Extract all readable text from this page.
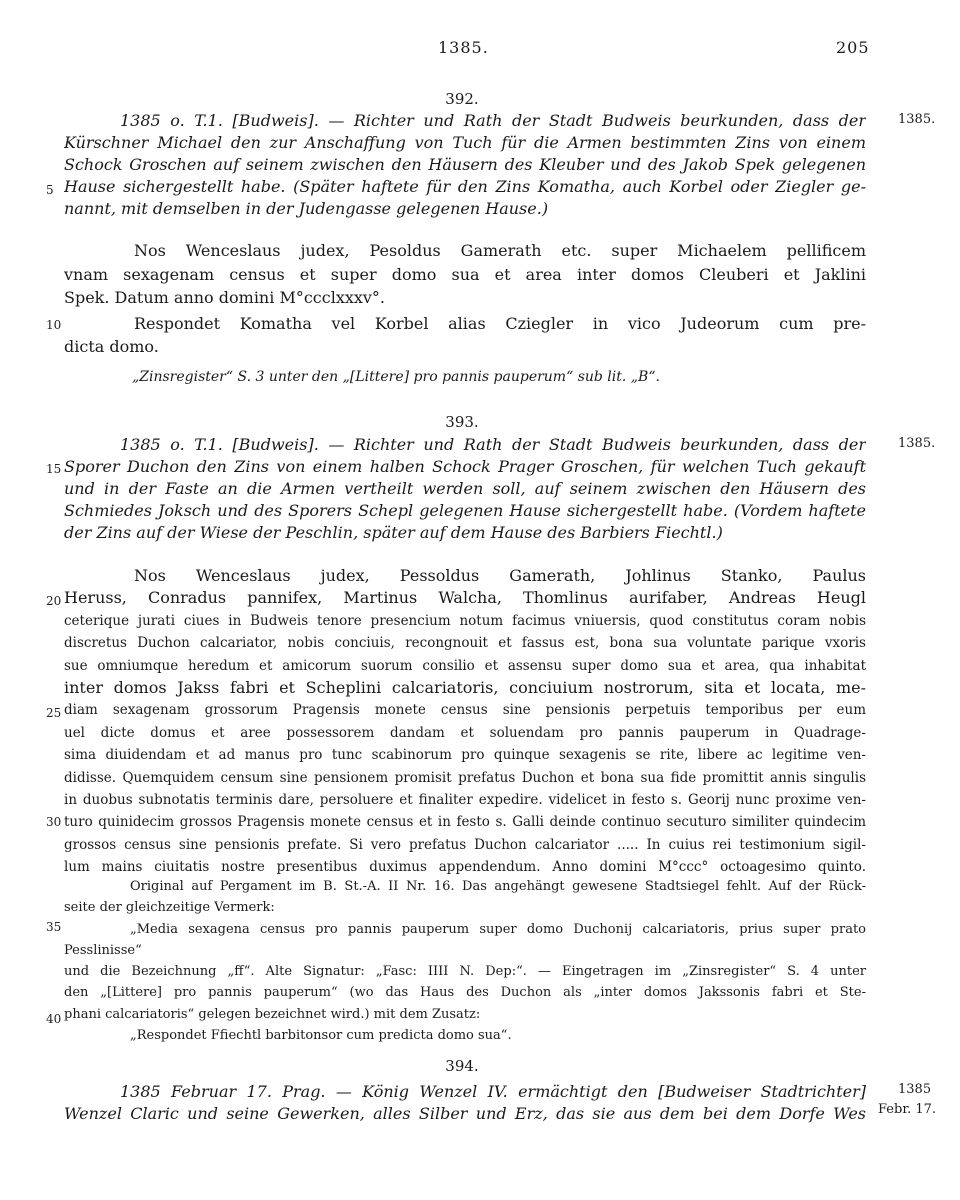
1385.	205
5
10
15
20
25
30
35
40
392.
1385.
1385 o. T.1. [Budweis]. — Richter und Rath der Stadt Budweis beurkunden, dass der
Kürschner Michael den zur Anschaffung von Tuch für die Armen bestimmten Zins von einem
Schock Groschen auf seinem zwischen den Häusern des Kleuber und des Jakob Spek gelegenen
Hause sichergestellt habe. (Später haftete für den Zins Komatha, auch Korbel oder Ziegler ge-
nannt, mit demselben in der Judengasse gelegenen Hause.)
Nos Wenceslaus judex, Pesoldus Gamerath etc. super Michaelem pellificem
vnam sexagenam census et super domo sua et area inter domos Cleuberi et Jaklini
Spek. Datum anno domini M°ccclxxxv°.
Respondet Komatha vel Korbel alias Cziegler in vico Judeorum cum pre-
dicta domo.
„Zinsregister“ S. 3 unter den „[Littere] pro pannis pauperum“ sub lit. „B“.
393.
1385.
1385 o. T.1. [Budweis]. — Richter und Rath der Stadt Budweis beurkunden, dass der
Sporer Duchon den Zins von einem halben Schock Prager Groschen, für welchen Tuch gekauft
und in der Faste an die Armen vertheilt werden soll, auf seinem zwischen den Häusern des
Schmiedes Joksch und des Sporers Schepl gelegenen Hause sichergestellt habe. (Vordem haftete
der Zins auf der Wiese der Peschlin, später auf dem Hause des Barbiers Fiechtl.)
Nos Wenceslaus judex, Pessoldus Gamerath, Johlinus Stanko, Paulus
Heruss, Conradus pannifex, Martinus Walcha, Thomlinus aurifaber, Andreas Heugl
ceterique jurati ciues in Budweis tenore presencium notum facimus vniuersis, quod constitutus coram nobis
discretus Duchon calcariator, nobis conciuis, recongnouit et fassus est, bona sua voluntate parique vxoris
sue omniumque heredum et amicorum suorum consilio et assensu super domo sua et area, qua inhabitat
inter domos Jakss fabri et Scheplini calcariatoris, conciuium nostrorum, sita et locata, me-
diam sexagenam grossorum Pragensis monete census sine pensionis perpetuis temporibus per eum
uel dicte domus et aree possessorem dandam et soluendam pro pannis pauperum in Quadrage-
sima diuidendam et ad manus pro tunc scabinorum pro quinque sexagenis se rite, libere ac legitime ven-
didisse. Quemquidem censum sine pensionem promisit prefatus Duchon et bona sua fide promittit annis singulis
in duobus subnotatis terminis dare, persoluere et finaliter expedire. videlicet in festo s. Georij nunc proxime ven-
turo quinidecim grossos Pragensis monete census et in festo s. Galli deinde continuo secuturo similiter quindecim
grossos census sine pensionis prefate. Si vero prefatus Duchon calcariator ..... In cuius rei testimonium sigil-
lum mains ciuitatis nostre presentibus duximus appendendum. Anno domini M°ccc° octoagesimo quinto.
Original auf Pergament im B. St.-A. II Nr. 16. Das angehängt gewesene Stadtsiegel fehlt. Auf der Rück-
seite der gleichzeitige Vermerk:
„Media sexagena census pro pannis pauperum super domo Duchonij calcariatoris, prius super prato
Pesslinisse“
und die Bezeichnung „ff“. Alte Signatur: „Fasc: IIII N. Dep:“. — Eingetragen im „Zinsregister“ S. 4 unter
den „[Littere] pro pannis pauperum“ (wo das Haus des Duchon als „inter domos Jakssonis fabri et Ste-
phani calcariatoris“ gelegen bezeichnet wird.) mit dem Zusatz:
„Respondet Ffiechtl barbitonsor cum predicta domo sua“.
394.
1385
Febr. 17.
1385 Februar 17. Prag. — König Wenzel IV. ermächtigt den [Budweiser Stadtrichter]
Wenzel Claric und seine Gewerken, alles Silber und Erz, das sie aus dem bei dem Dorfe Wes
